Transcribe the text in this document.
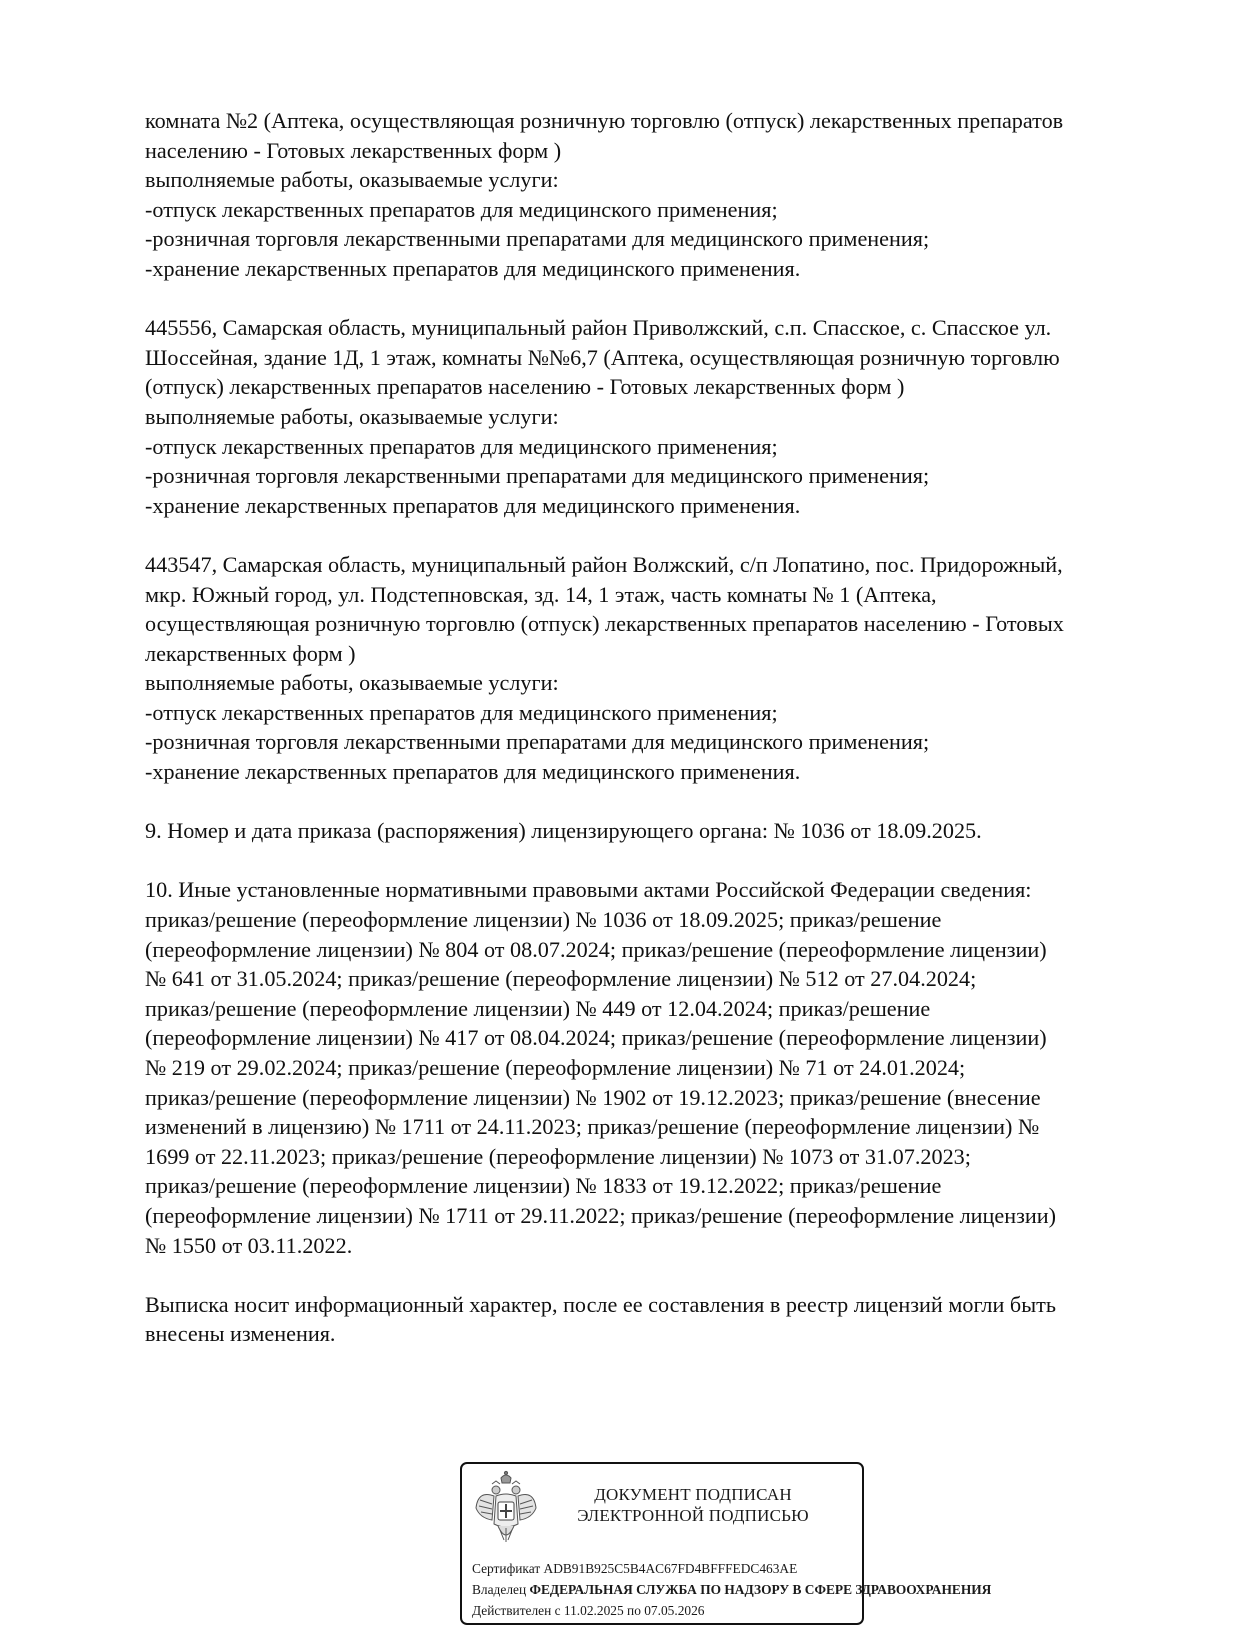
комната №2 (Аптека, осуществляющая розничную торговлю (отпуск) лекарственных препаратов
населению - Готовых лекарственных форм )
выполняемые работы, оказываемые услуги:
-отпуск лекарственных препаратов для медицинского применения;
-розничная торговля лекарственными препаратами для медицинского применения;
-хранение лекарственных препаратов для медицинского применения.
445556, Самарская область, муниципальный район Приволжский, с.п. Спасское, с. Спасское ул.
Шоссейная, здание 1Д, 1 этаж, комнаты №№6,7 (Аптека, осуществляющая розничную торговлю
(отпуск) лекарственных препаратов населению - Готовых лекарственных форм )
выполняемые работы, оказываемые услуги:
-отпуск лекарственных препаратов для медицинского применения;
-розничная торговля лекарственными препаратами для медицинского применения;
-хранение лекарственных препаратов для медицинского применения.
443547, Самарская область, муниципальный район Волжский, с/п Лопатино, пос. Придорожный,
мкр. Южный город, ул. Подстепновская, зд. 14, 1 этаж, часть комнаты № 1 (Аптека,
осуществляющая розничную торговлю (отпуск) лекарственных препаратов населению - Готовых
лекарственных форм )
выполняемые работы, оказываемые услуги:
-отпуск лекарственных препаратов для медицинского применения;
-розничная торговля лекарственными препаратами для медицинского применения;
-хранение лекарственных препаратов для медицинского применения.
9. Номер и дата приказа (распоряжения) лицензирующего органа: № 1036 от 18.09.2025.
10. Иные установленные нормативными правовыми актами Российской Федерации сведения:
приказ/решение (переоформление лицензии) № 1036 от 18.09.2025; приказ/решение
(переоформление лицензии) № 804 от 08.07.2024; приказ/решение (переоформление лицензии)
№ 641 от 31.05.2024; приказ/решение (переоформление лицензии) № 512 от 27.04.2024;
приказ/решение (переоформление лицензии) № 449 от 12.04.2024; приказ/решение
(переоформление лицензии) № 417 от 08.04.2024; приказ/решение (переоформление лицензии)
№ 219 от 29.02.2024; приказ/решение (переоформление лицензии) № 71 от 24.01.2024;
приказ/решение (переоформление лицензии) № 1902 от 19.12.2023; приказ/решение (внесение
изменений в лицензию) № 1711 от 24.11.2023; приказ/решение (переоформление лицензии) №
1699 от 22.11.2023; приказ/решение (переоформление лицензии) № 1073 от 31.07.2023;
приказ/решение (переоформление лицензии) № 1833 от 19.12.2022; приказ/решение
(переоформление лицензии) № 1711 от 29.11.2022; приказ/решение (переоформление лицензии)
№ 1550 от 03.11.2022.
Выписка носит информационный характер, после ее составления в реестр лицензий могли быть
внесены изменения.
ДОКУМЕНТ ПОДПИСАН
ЭЛЕКТРОННОЙ ПОДПИСЬЮ
Сертификат ADB91B925C5B4AC67FD4BFFFEDC463AE
Владелец ФЕДЕРАЛЬНАЯ СЛУЖБА ПО НАДЗОРУ В СФЕРЕ ЗДРАВООХРАНЕНИЯ
Действителен с 11.02.2025 по 07.05.2026
